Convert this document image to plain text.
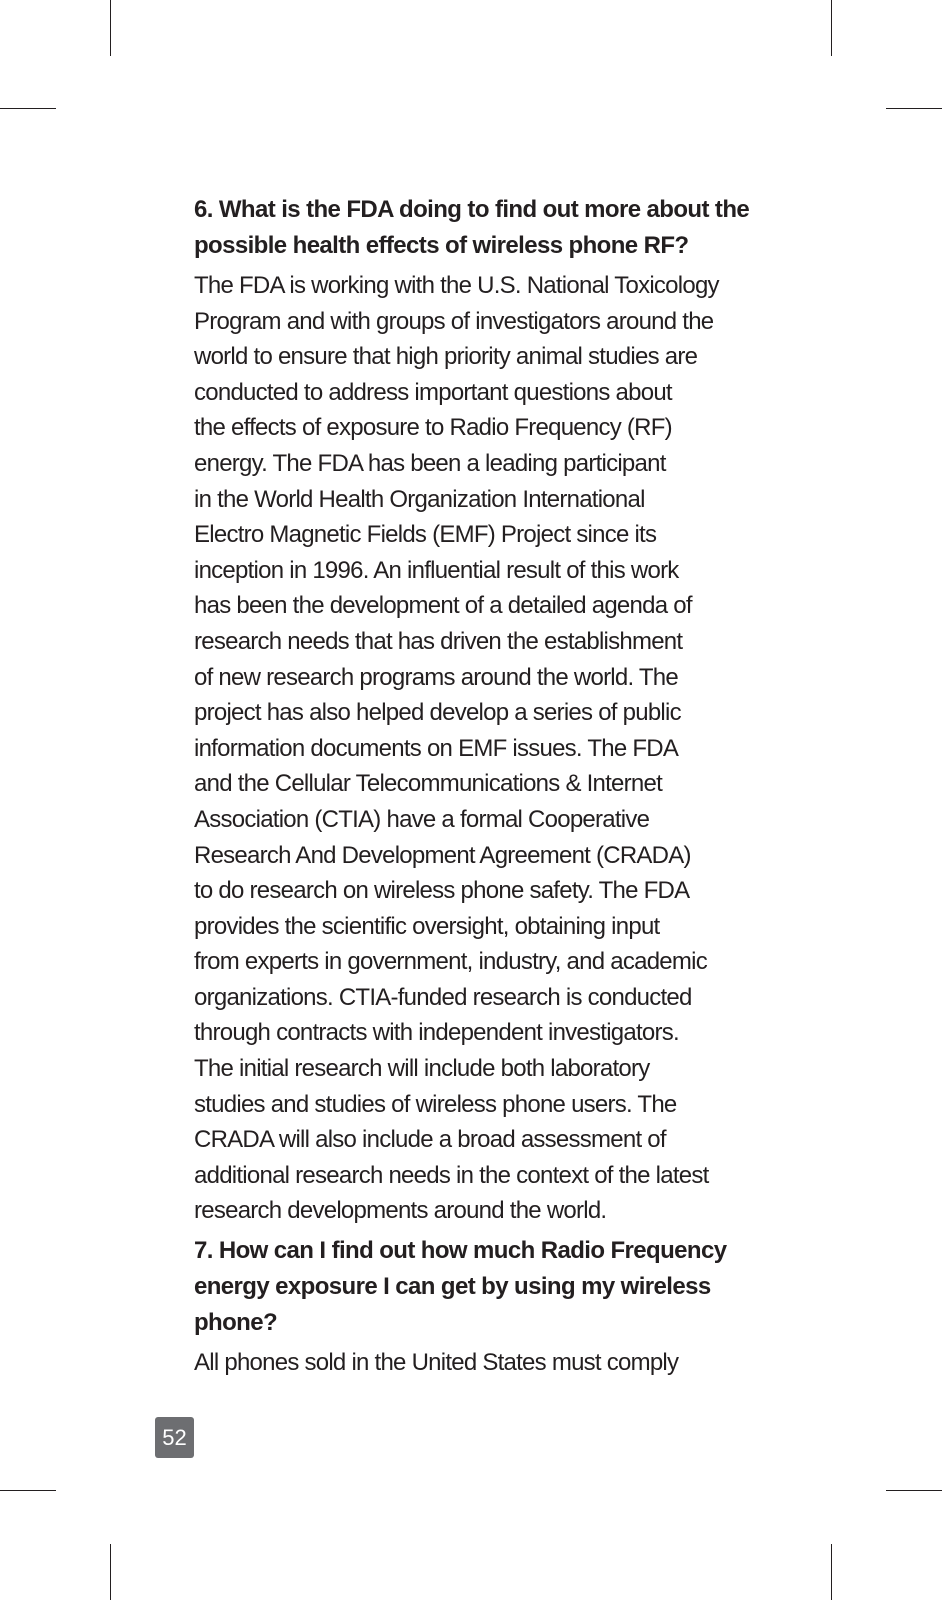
6. What is the FDA doing to find out more about the
possible health effects of wireless phone RF?

The FDA is working with the U.S. National Toxicology
Program and with groups of investigators around the
world to ensure that high priority animal studies are
conducted to address important questions about
the effects of exposure to Radio Frequency (RF)
energy. The FDA has been a leading participant
in the World Health Organization International
Electro Magnetic Fields (EMF) Project since its
inception in 1996. An influential result of this work
has been the development of a detailed agenda of
research needs that has driven the establishment
of new research programs around the world. The
project has also helped develop a series of public
information documents on EMF issues. The FDA
and the Cellular Telecommunications & Internet
Association (CTIA) have a formal Cooperative
Research And Development Agreement (CRADA)
to do research on wireless phone safety. The FDA
provides the scientific oversight, obtaining input
from experts in government, industry, and academic
organizations. CTIA-funded research is conducted
through contracts with independent investigators.
The initial research will include both laboratory
studies and studies of wireless phone users. The
CRADA will also include a broad assessment of
additional research needs in the context of the latest
research developments around the world.

7. How can I find out how much Radio Frequency
energy exposure I can get by using my wireless
phone?

All phones sold in the United States must comply

52
